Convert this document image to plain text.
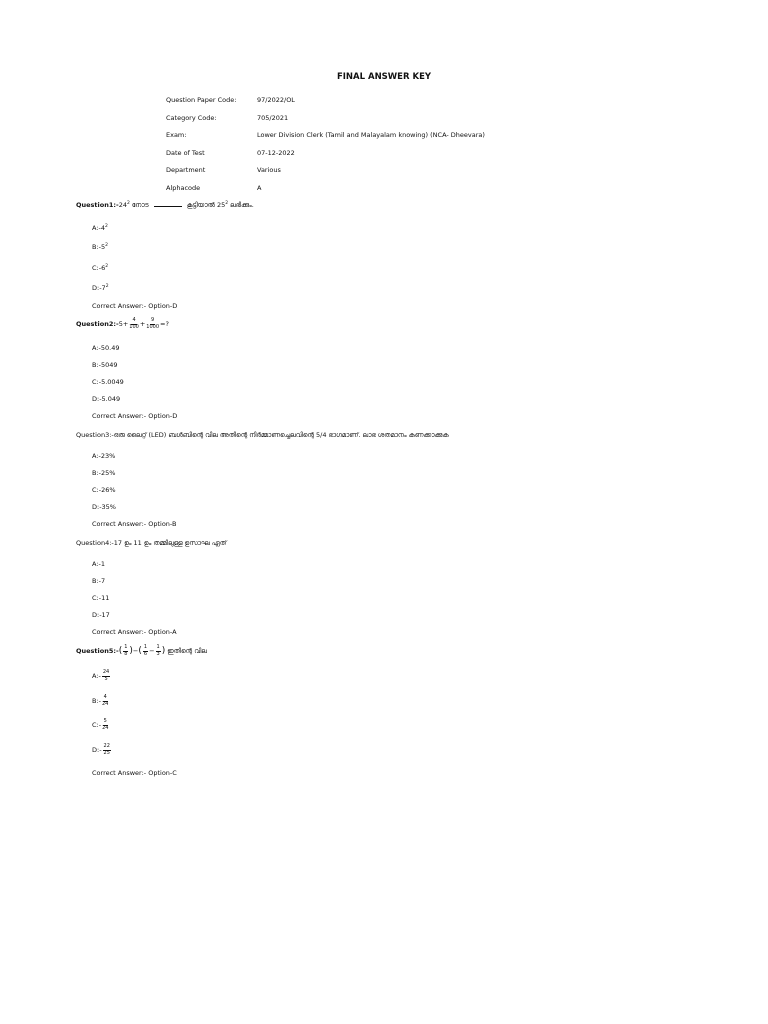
FINAL ANSWER KEY
Question Paper Code:	97/2022/OL
Category Code:	705/2021
Exam:	Lower Division Clerk (Tamil and Malayalam knowing) (NCA- Dheevara)
Date of Test	07-12-2022
Department	Various
Alphacode	A
$Question1:-24^2$ നോട	കൂട്ടിയാൽ $25^2$ ലഭിക്കും.
$A:-4^2$
$B:-5^2$
$C:-6^2$
$D:-7^2$
Correct Answer:- Option-D
Question2:-5+ $\frac{4}{100} + \frac{9}{1000}$ =?
A:-50.49
B:-5049
C:-5.0049
D:-5.049
Correct Answer:- Option-D
Question3:-ഒരു ലൈറ്റ് (LED) ബൾബിന്റെ വില അതിന്റെ നിർമ്മാണച്ചെലവിന്റെ 5/4 ഭാഗമാണ്. ലാഭ ശതമാനം കണക്കാക്കുക
A:-23%
B:-25%
C:-26%
D:-35%
Correct Answer:- Option-B
Question4:-17 ഉം 11 ഉം തമ്മിലുള്ള ഉസാഘ ഏത്
A:-1
B:-7
C:-11
D:-17
Correct Answer:- Option-A
Question5:-( $\frac{1}{8}$ )−( $\frac{1}{6} - \frac{1}{3}$ ) ഇതിന്റെ വില
A:- $\frac{24}{5}$
B:- $\frac{4}{24}$
C:- $\frac{5}{24}$
D:- $\frac{22}{25}$
Correct Answer:- Option-C
